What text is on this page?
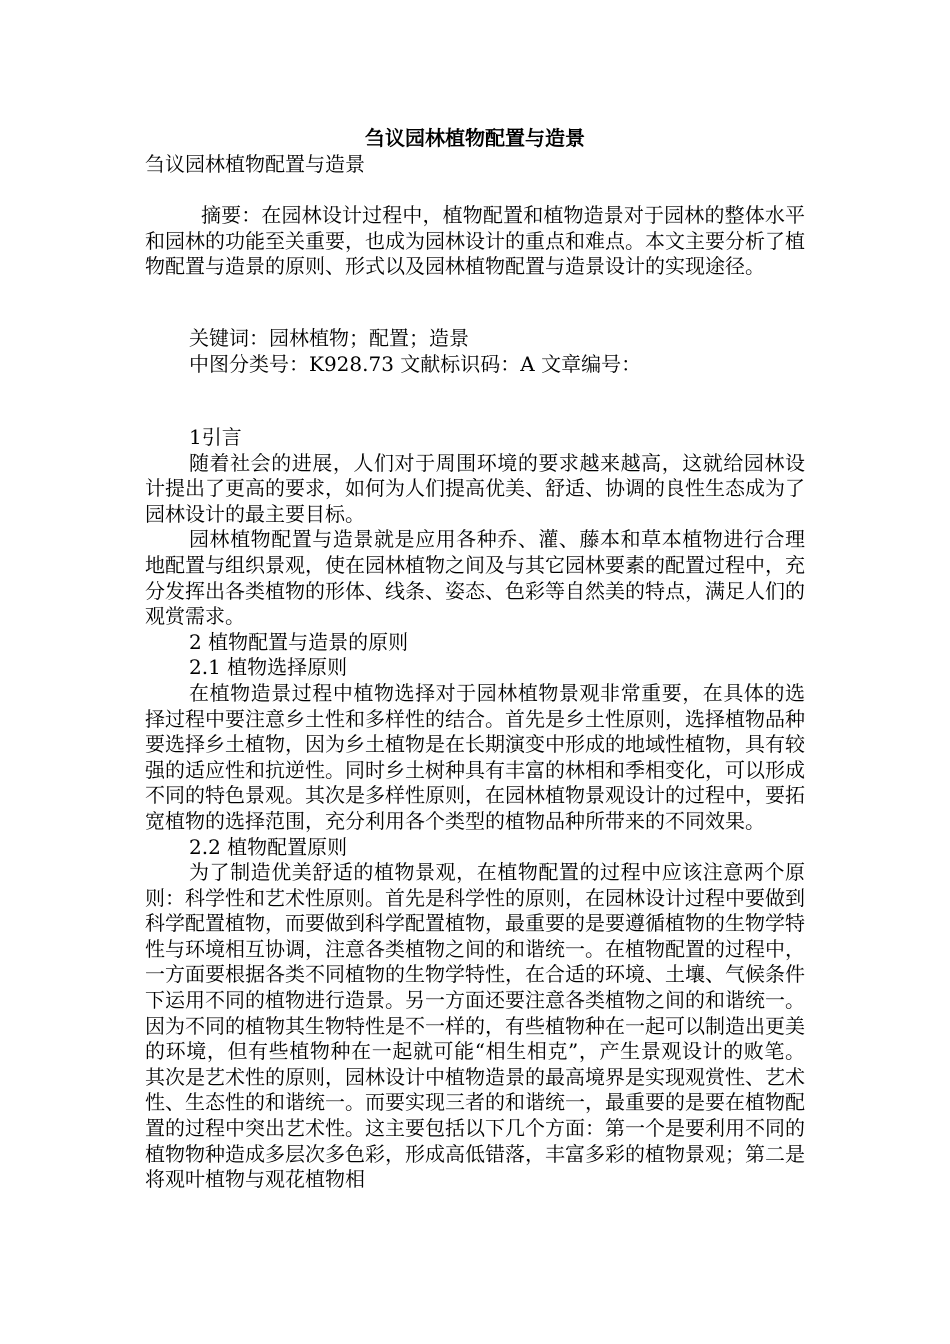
刍议园林植物配置与造景
刍议园林植物配置与造景
摘要：在园林设计过程中，植物配置和植物造景对于园林的整体水平和园林的功能至关重要，也成为园林设计的重点和难点。本文主要分析了植物配置与造景的原则、形式以及园林植物配置与造景设计的实现途径。
关键词：园林植物；配置；造景
中图分类号：K928.73 文献标识码：A 文章编号：

1引言

随着社会的进展，人们对于周围环境的要求越来越高，这就给园林设计提出了更高的要求，如何为人们提高优美、舒适、协调的良性生态成为了园林设计的最主要目标。

园林植物配置与造景就是应用各种乔、灌、藤本和草本植物进行合理地配置与组织景观，使在园林植物之间及与其它园林要素的配置过程中，充分发挥出各类植物的形体、线条、姿态、色彩等自然美的特点，满足人们的观赏需求。

2 植物配置与造景的原则

2.1 植物选择原则

在植物造景过程中植物选择对于园林植物景观非常重要，在具体的选择过程中要注意乡土性和多样性的结合。首先是乡土性原则，选择植物品种要选择乡土植物，因为乡土植物是在长期演变中形成的地域性植物，具有较强的适应性和抗逆性。同时乡土树种具有丰富的林相和季相变化，可以形成不同的特色景观。其次是多样性原则，在园林植物景观设计的过程中，要拓宽植物的选择范围，充分利用各个类型的植物品种所带来的不同效果。

2.2 植物配置原则

为了制造优美舒适的植物景观，在植物配置的过程中应该注意两个原则：科学性和艺术性原则。首先是科学性的原则，在园林设计过程中要做到科学配置植物，而要做到科学配置植物，最重要的是要遵循植物的生物学特性与环境相互协调，注意各类植物之间的和谐统一。在植物配置的过程中，一方面要根据各类不同植物的生物学特性，在合适的环境、土壤、气候条件下运用不同的植物进行造景。另一方面还要注意各类植物之间的和谐统一。因为不同的植物其生物特性是不一样的，有些植物种在一起可以制造出更美的环境，但有些植物种在一起就可能“相生相克”，产生景观设计的败笔。其次是艺术性的原则，园林设计中植物造景的最高境界是实现观赏性、艺术性、生态性的和谐统一。而要实现三者的和谐统一，最重要的是要在植物配置的过程中突出艺术性。这主要包括以下几个方面：第一个是要利用不同的植物物种造成多层次多色彩，形成高低错落，丰富多彩的植物景观；第二是将观叶植物与观花植物相
